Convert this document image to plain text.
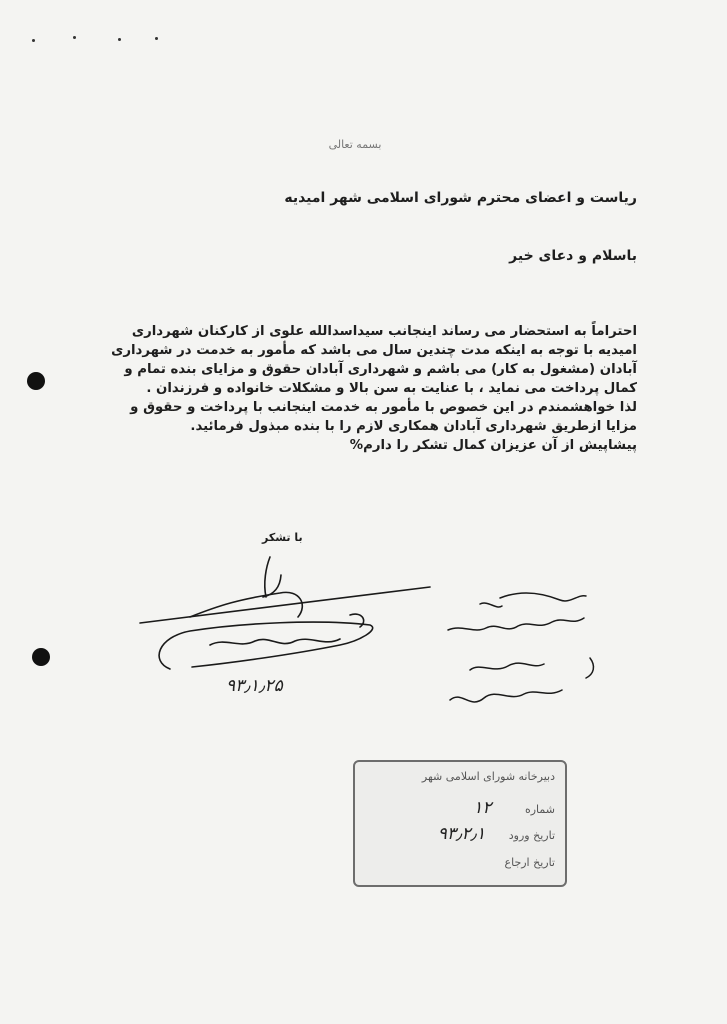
بسمه تعالی
ریاست و اعضای محترم شورای اسلامی شهر امیدیه
باسلام و دعای خیر

احتراماً به استحضار می رساند اینجانب سیداسدالله علوی از کارکنان شهرداری

امیدیه با توجه به اینکه مدت چندین سال می باشد که مأمور به خدمت در شهرداری

آبادان (مشغول به کار) می باشم و شهرداری آبادان حقوق و مزایای بنده تمام و

کمال پرداخت می نماید ، با عنایت به سن بالا و مشکلات خانواده و فرزندان .

لذا خواهشمندم در این خصوص با مأمور به خدمت اینجانب با پرداخت و حقوق و

مزایا ازطریق شهرداری آبادان همکاری لازم را با بنده مبذول فرمائید.

پیشاپیش از آن عزیزان کمال تشکر را دارم%

با تشکر
۹۳٫۱٫۲۵
دبیرخانه شورای اسلامی شهر
شماره ۱۲
تاریخ ورود ۹۳٫۲٫۱
تاریخ ارجاع
